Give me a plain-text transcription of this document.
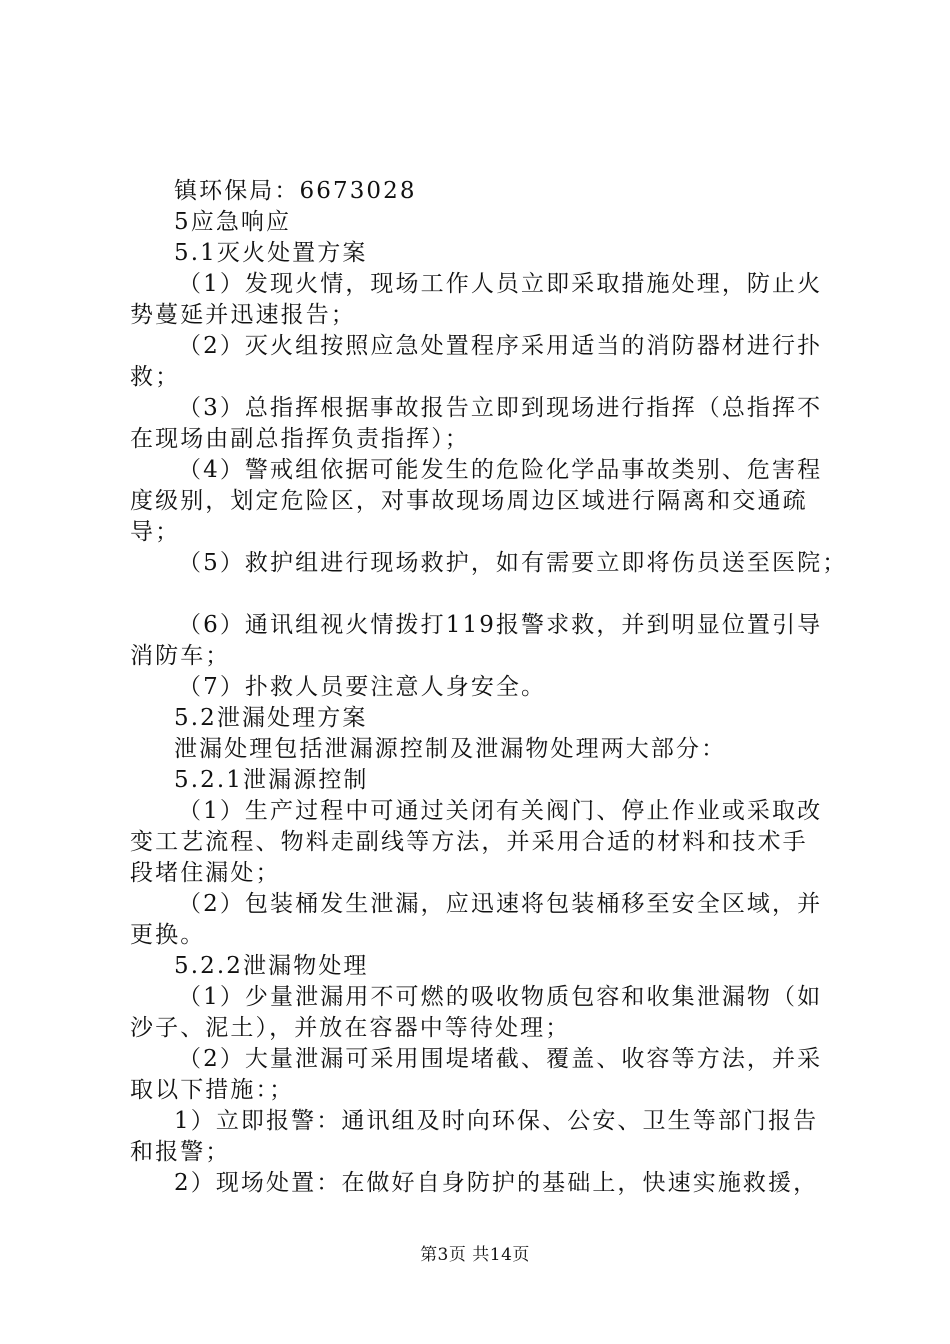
镇环保局：6673028
5应急响应
5.1灭火处置方案
（1）发现火情，现场工作人员立即采取措施处理，防止火
势蔓延并迅速报告；
（2）灭火组按照应急处置程序采用适当的消防器材进行扑
救；
（3）总指挥根据事故报告立即到现场进行指挥（总指挥不
在现场由副总指挥负责指挥）；
（4）警戒组依据可能发生的危险化学品事故类别、危害程
度级别，划定危险区，对事故现场周边区域进行隔离和交通疏
导；
（5）救护组进行现场救护，如有需要立即将伤员送至医院；
（6）通讯组视火情拨打119报警求救，并到明显位置引导
消防车；
（7）扑救人员要注意人身安全。
5.2泄漏处理方案
泄漏处理包括泄漏源控制及泄漏物处理两大部分：
5.2.1泄漏源控制
（1）生产过程中可通过关闭有关阀门、停止作业或采取改
变工艺流程、物料走副线等方法，并采用合适的材料和技术手
段堵住漏处；
（2）包装桶发生泄漏，应迅速将包装桶移至安全区域，并
更换。
5.2.2泄漏物处理
（1）少量泄漏用不可燃的吸收物质包容和收集泄漏物（如
沙子、泥土），并放在容器中等待处理；
（2）大量泄漏可采用围堤堵截、覆盖、收容等方法，并采
取以下措施：；
1）立即报警：通讯组及时向环保、公安、卫生等部门报告
和报警；
2）现场处置：在做好自身防护的基础上，快速实施救援，
第3页 共14页
